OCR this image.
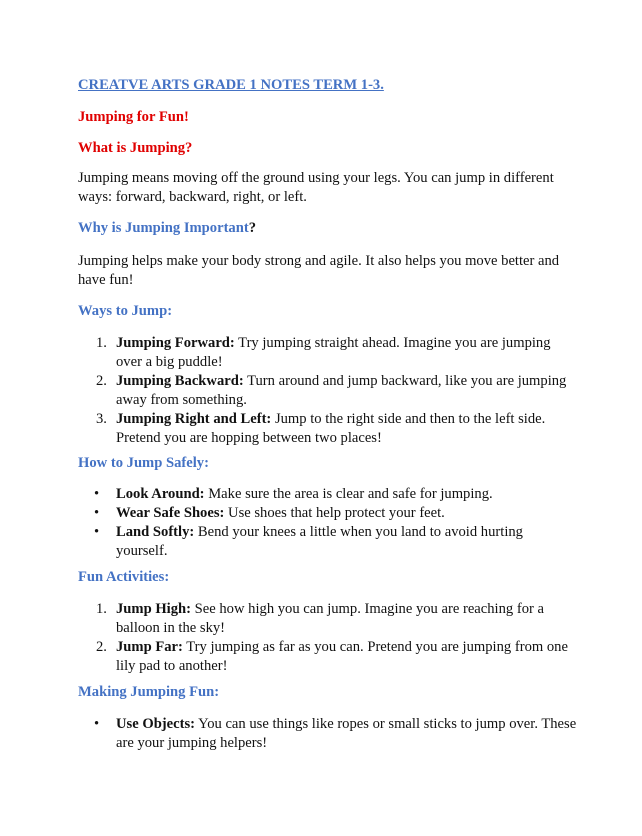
CREATVE ARTS GRADE 1 NOTES TERM 1-3.
Jumping for Fun!
What is Jumping?

Jumping means moving off the ground using your legs. You can jump in different ways: forward, backward, right, or left.

Why is Jumping Important?

Jumping helps make your body strong and agile. It also helps you move better and have fun!

Ways to Jump:
1. Jumping Forward: Try jumping straight ahead. Imagine you are jumping over a big puddle!
2. Jumping Backward: Turn around and jump backward, like you are jumping away from something.
3. Jumping Right and Left: Jump to the right side and then to the left side. Pretend you are hopping between two places!
How to Jump Safely:
• Look Around: Make sure the area is clear and safe for jumping.
• Wear Safe Shoes: Use shoes that help protect your feet.
• Land Softly: Bend your knees a little when you land to avoid hurting yourself.
Fun Activities:
1. Jump High: See how high you can jump. Imagine you are reaching for a balloon in the sky!
2. Jump Far: Try jumping as far as you can. Pretend you are jumping from one lily pad to another!
Making Jumping Fun:
• Use Objects: You can use things like ropes or small sticks to jump over. These are your jumping helpers!
